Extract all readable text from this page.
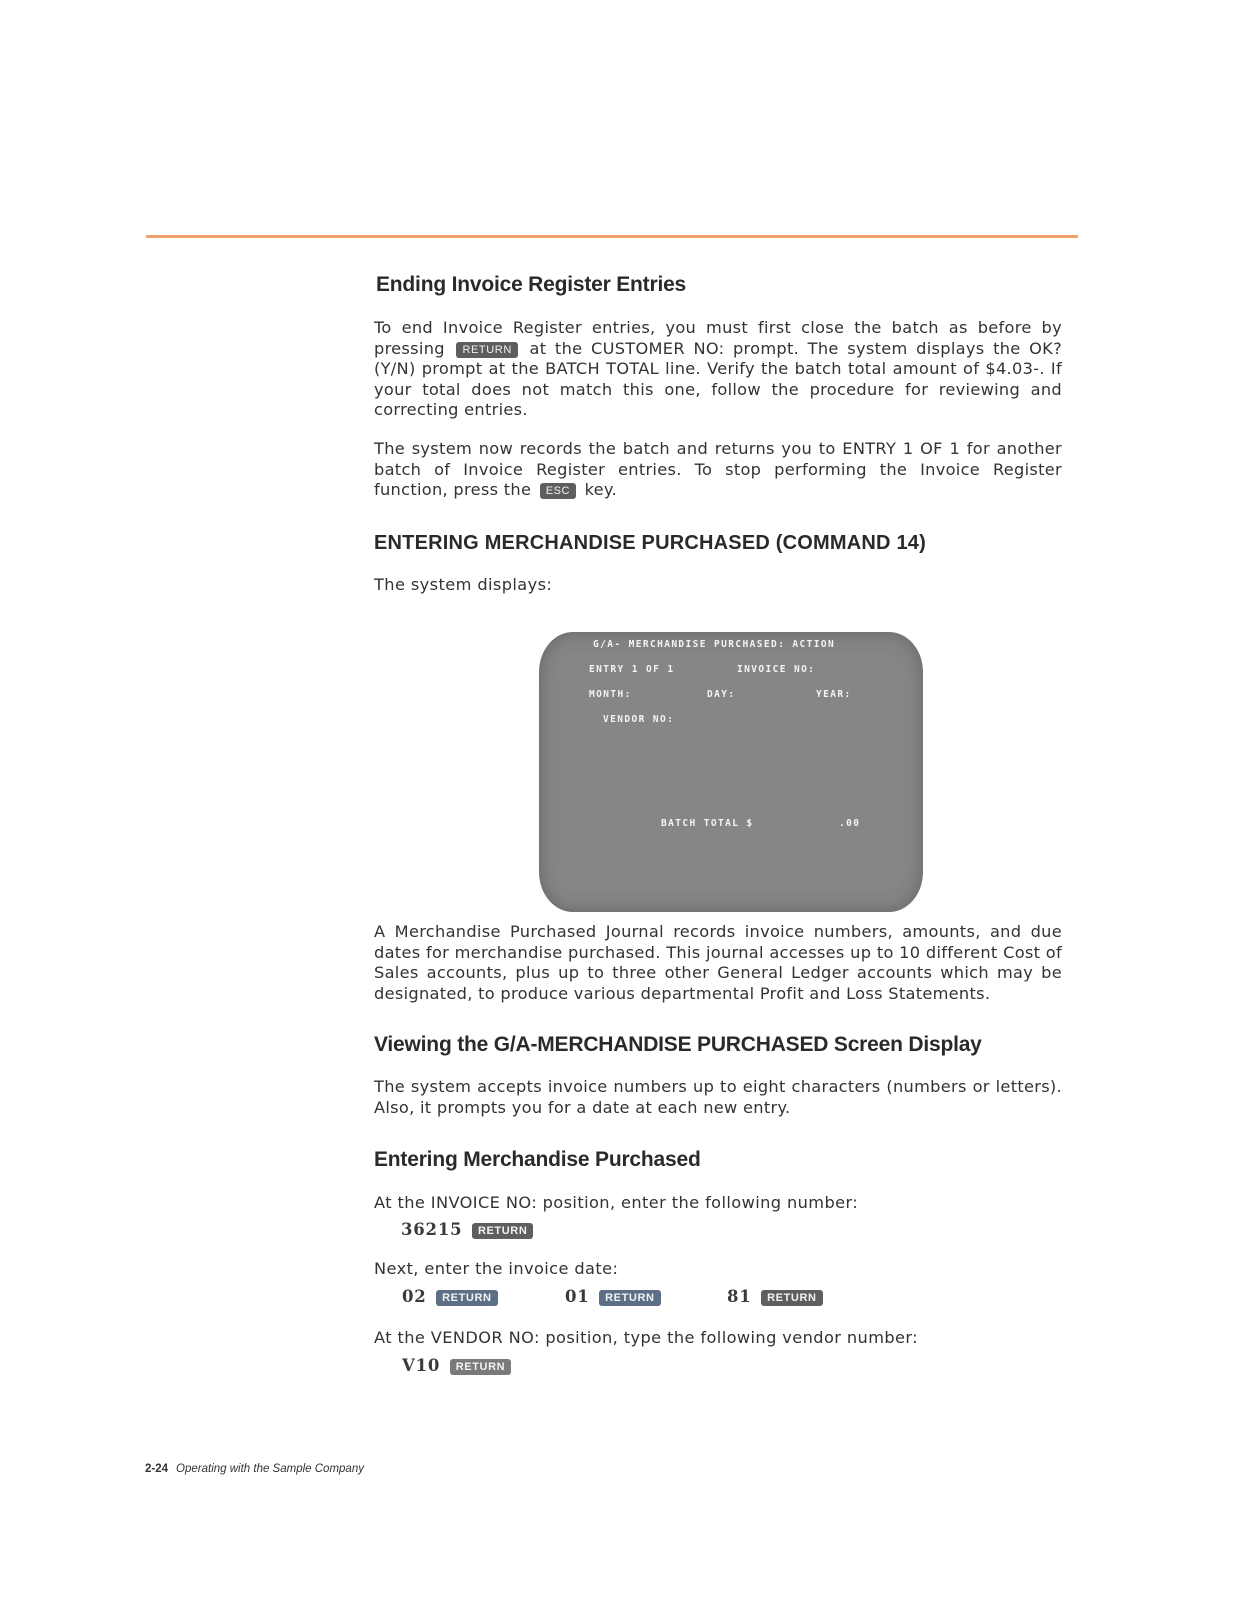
Ending Invoice Register Entries

To end Invoice Register entries, you must first close the batch as before by pressing RETURN at the CUSTOMER NO: prompt. The system displays the OK?(Y/N) prompt at the BATCH TOTAL line. Verify the batch total amount of $4.03-. If your total does not match this one, follow the procedure for reviewing and correcting entries.

The system now records the batch and returns you to ENTRY 1 OF 1 for another batch of Invoice Register entries. To stop performing the Invoice Register function, press the ESC key.

ENTERING MERCHANDISE PURCHASED (COMMAND 14)

The system displays:

G/A- MERCHANDISE PURCHASED: ACTION
ENTRY 1 OF 1	INVOICE NO:
MONTH:	DAY:	YEAR:
VENDOR NO:
BATCH TOTAL $	.00

A Merchandise Purchased Journal records invoice numbers, amounts, and due dates for merchandise purchased. This journal accesses up to 10 different Cost of Sales accounts, plus up to three other General Ledger accounts which may be designated, to produce various departmental Profit and Loss Statements.

Viewing the G/A-MERCHANDISE PURCHASED Screen Display

The system accepts invoice numbers up to eight characters (numbers or letters). Also, it prompts you for a date at each new entry.

Entering Merchandise Purchased

At the INVOICE NO: position, enter the following number:

36215 RETURN

Next, enter the invoice date:

02 RETURN	01 RETURN	81 RETURN

At the VENDOR NO: position, type the following vendor number:

V10 RETURN
2-24 Operating with the Sample Company
